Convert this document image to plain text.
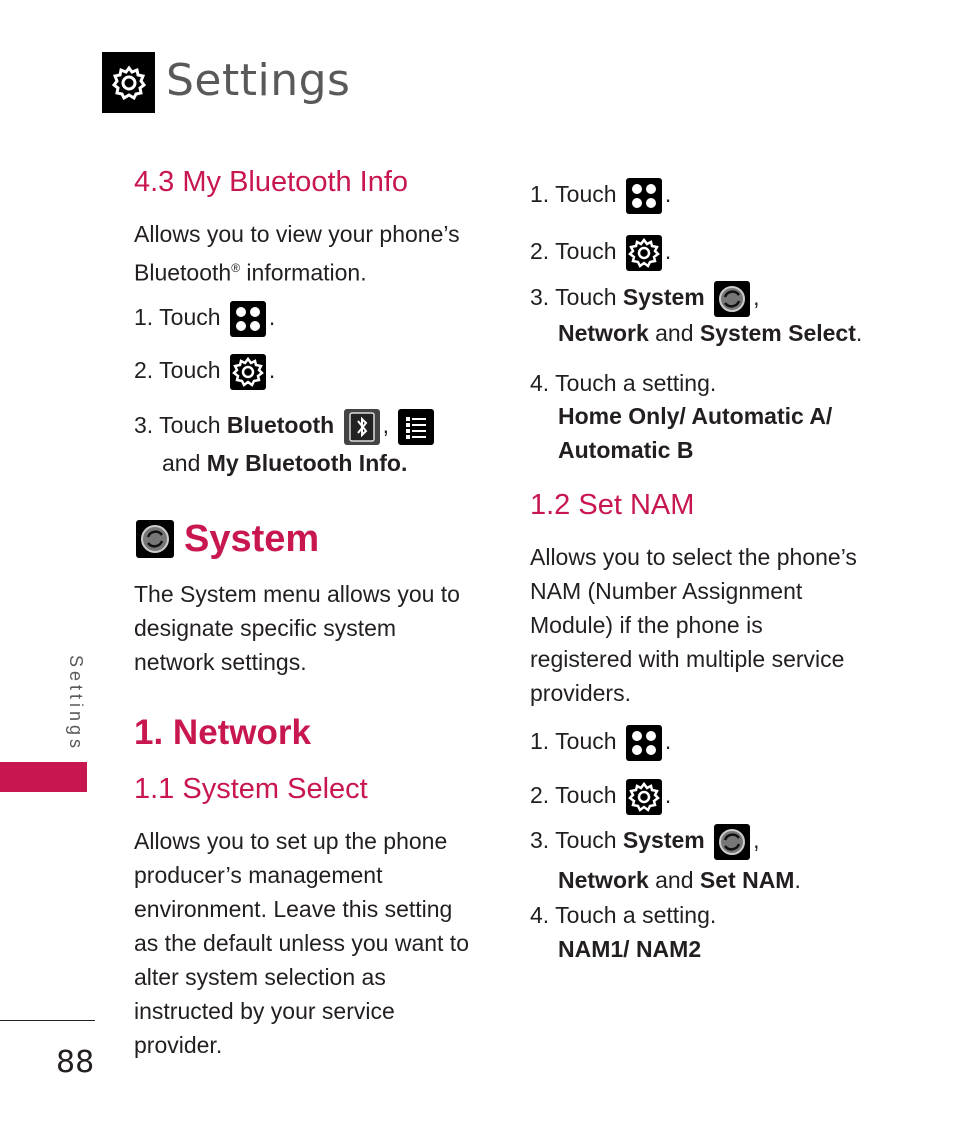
Settings
Settings
88
4.3 My Bluetooth Info
Allows you to view your phone’s
Bluetooth® information.
1. Touch .
2. Touch .
3. Touch Bluetooth ,
and My Bluetooth Info.
System
The System menu allows you to
designate specific system
network settings.
1. Network
1.1 System Select
Allows you to set up the phone
producer’s management
environment. Leave this setting
as the default unless you want to
alter system selection as
instructed by your service
provider.
1. Touch .
2. Touch .
3. Touch System ,
Network and System Select.
4. Touch a setting.
Home Only/ Automatic A/
Automatic B
1.2 Set NAM
Allows you to select the phone’s
NAM (Number Assignment
Module) if the phone is
registered with multiple service
providers.
1. Touch .
2. Touch .
3. Touch System ,
Network and Set NAM.
4. Touch a setting.
NAM1/ NAM2
